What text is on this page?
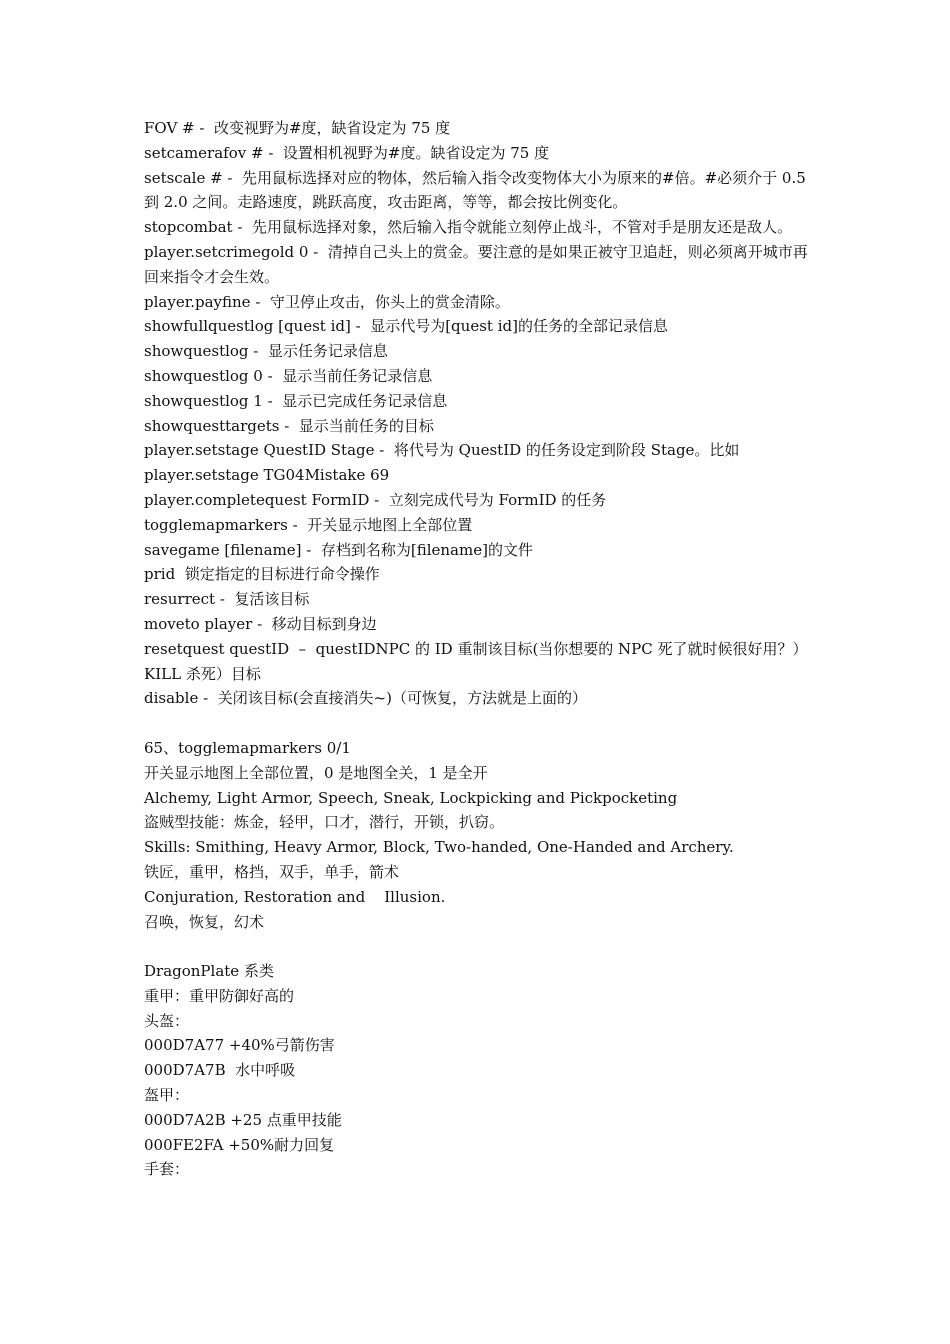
FOV # -  改变视野为#度，缺省设定为 75 度

setcamerafov # -  设置相机视野为#度。缺省设定为 75 度

setscale # -  先用鼠标选择对应的物体，然后输入指令改变物体大小为原来的#倍。#必须介于 0.5 到 2.0 之间。走路速度，跳跃高度，攻击距离，等等，都会按比例变化。

stopcombat -  先用鼠标选择对象，然后输入指令就能立刻停止战斗，不管对手是朋友还是敌人。

player.setcrimegold 0 -  清掉自己头上的赏金。要注意的是如果正被守卫追赶，则必须离开城市再回来指令才会生效。

player.payfine -  守卫停止攻击，你头上的赏金清除。

showfullquestlog [quest id] -  显示代号为[quest id]的任务的全部记录信息

showquestlog -  显示任务记录信息

showquestlog 0 -  显示当前任务记录信息

showquestlog 1 -  显示已完成任务记录信息

showquesttargets -  显示当前任务的目标

player.setstage QuestID Stage -  将代号为 QuestID 的任务设定到阶段 Stage。比如 player.setstage TG04Mistake 69

player.completequest FormID -  立刻完成代号为 FormID 的任务

togglemapmarkers -  开关显示地图上全部位置

savegame [filename] -  存档到名称为[filename]的文件

prid  锁定指定的目标进行命令操作

resurrect -  复活该目标

moveto player -  移动目标到身边

resetquest questID  –  questIDNPC 的 ID 重制该目标(当你想要的 NPC 死了就时候很好用？）KILL 杀死）目标

disable -  关闭该目标(会直接消失~)（可恢复，方法就是上面的）

65、togglemapmarkers 0/1

开关显示地图上全部位置，0 是地图全关，1 是全开

Alchemy, Light Armor, Speech, Sneak, Lockpicking and Pickpocketing

盗贼型技能：炼金，轻甲，口才，潜行，开锁，扒窃。

Skills: Smithing, Heavy Armor, Block, Two-handed, One-Handed and Archery.

铁匠，重甲，格挡，双手，单手，箭术

Conjuration, Restoration and    Illusion.

召唤，恢复，幻术

DragonPlate 系类

重甲：重甲防御好高的

头盔：

000D7A77 +40%弓箭伤害

000D7A7B  水中呼吸

盔甲：

000D7A2B +25 点重甲技能

000FE2FA +50%耐力回复

手套：
